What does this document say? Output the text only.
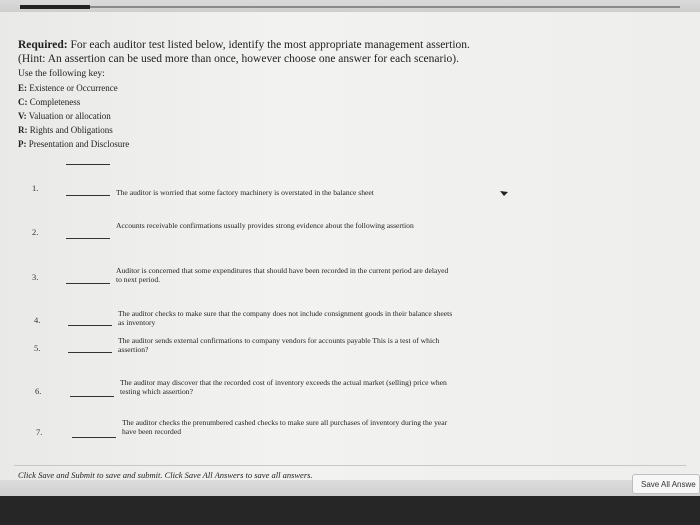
Required: For each auditor test listed below, identify the most appropriate management assertion.
(Hint: An assertion can be used more than once, however choose one answer for each scenario).
Use the following key:
E: Existence or Occurrence
C: Completeness
V: Valuation or allocation
R: Rights and Obligations
P: Presentation and Disclosure
1.	The auditor is worried that some factory machinery is overstated in the balance sheet
2.
Accounts receivable confirmations usually provides strong evidence about the following assertion
3.
Auditor is concerned that some expenditures that should have been recorded in the current period are delayed to next period.
4.
The auditor checks to make sure that the company does not include consignment goods in their balance sheets as inventory
5.
The auditor sends external confirmations to company vendors for accounts payable This is a test of which assertion?
6.
The auditor may discover that the recorded cost of inventory exceeds the actual market (selling) price when testing which assertion?
7.
The auditor checks the prenumbered cashed checks to make sure all purchases of inventory during the year have been recorded
Click Save and Submit to save and submit. Click Save All Answers to save all answers.
Save All Answe
